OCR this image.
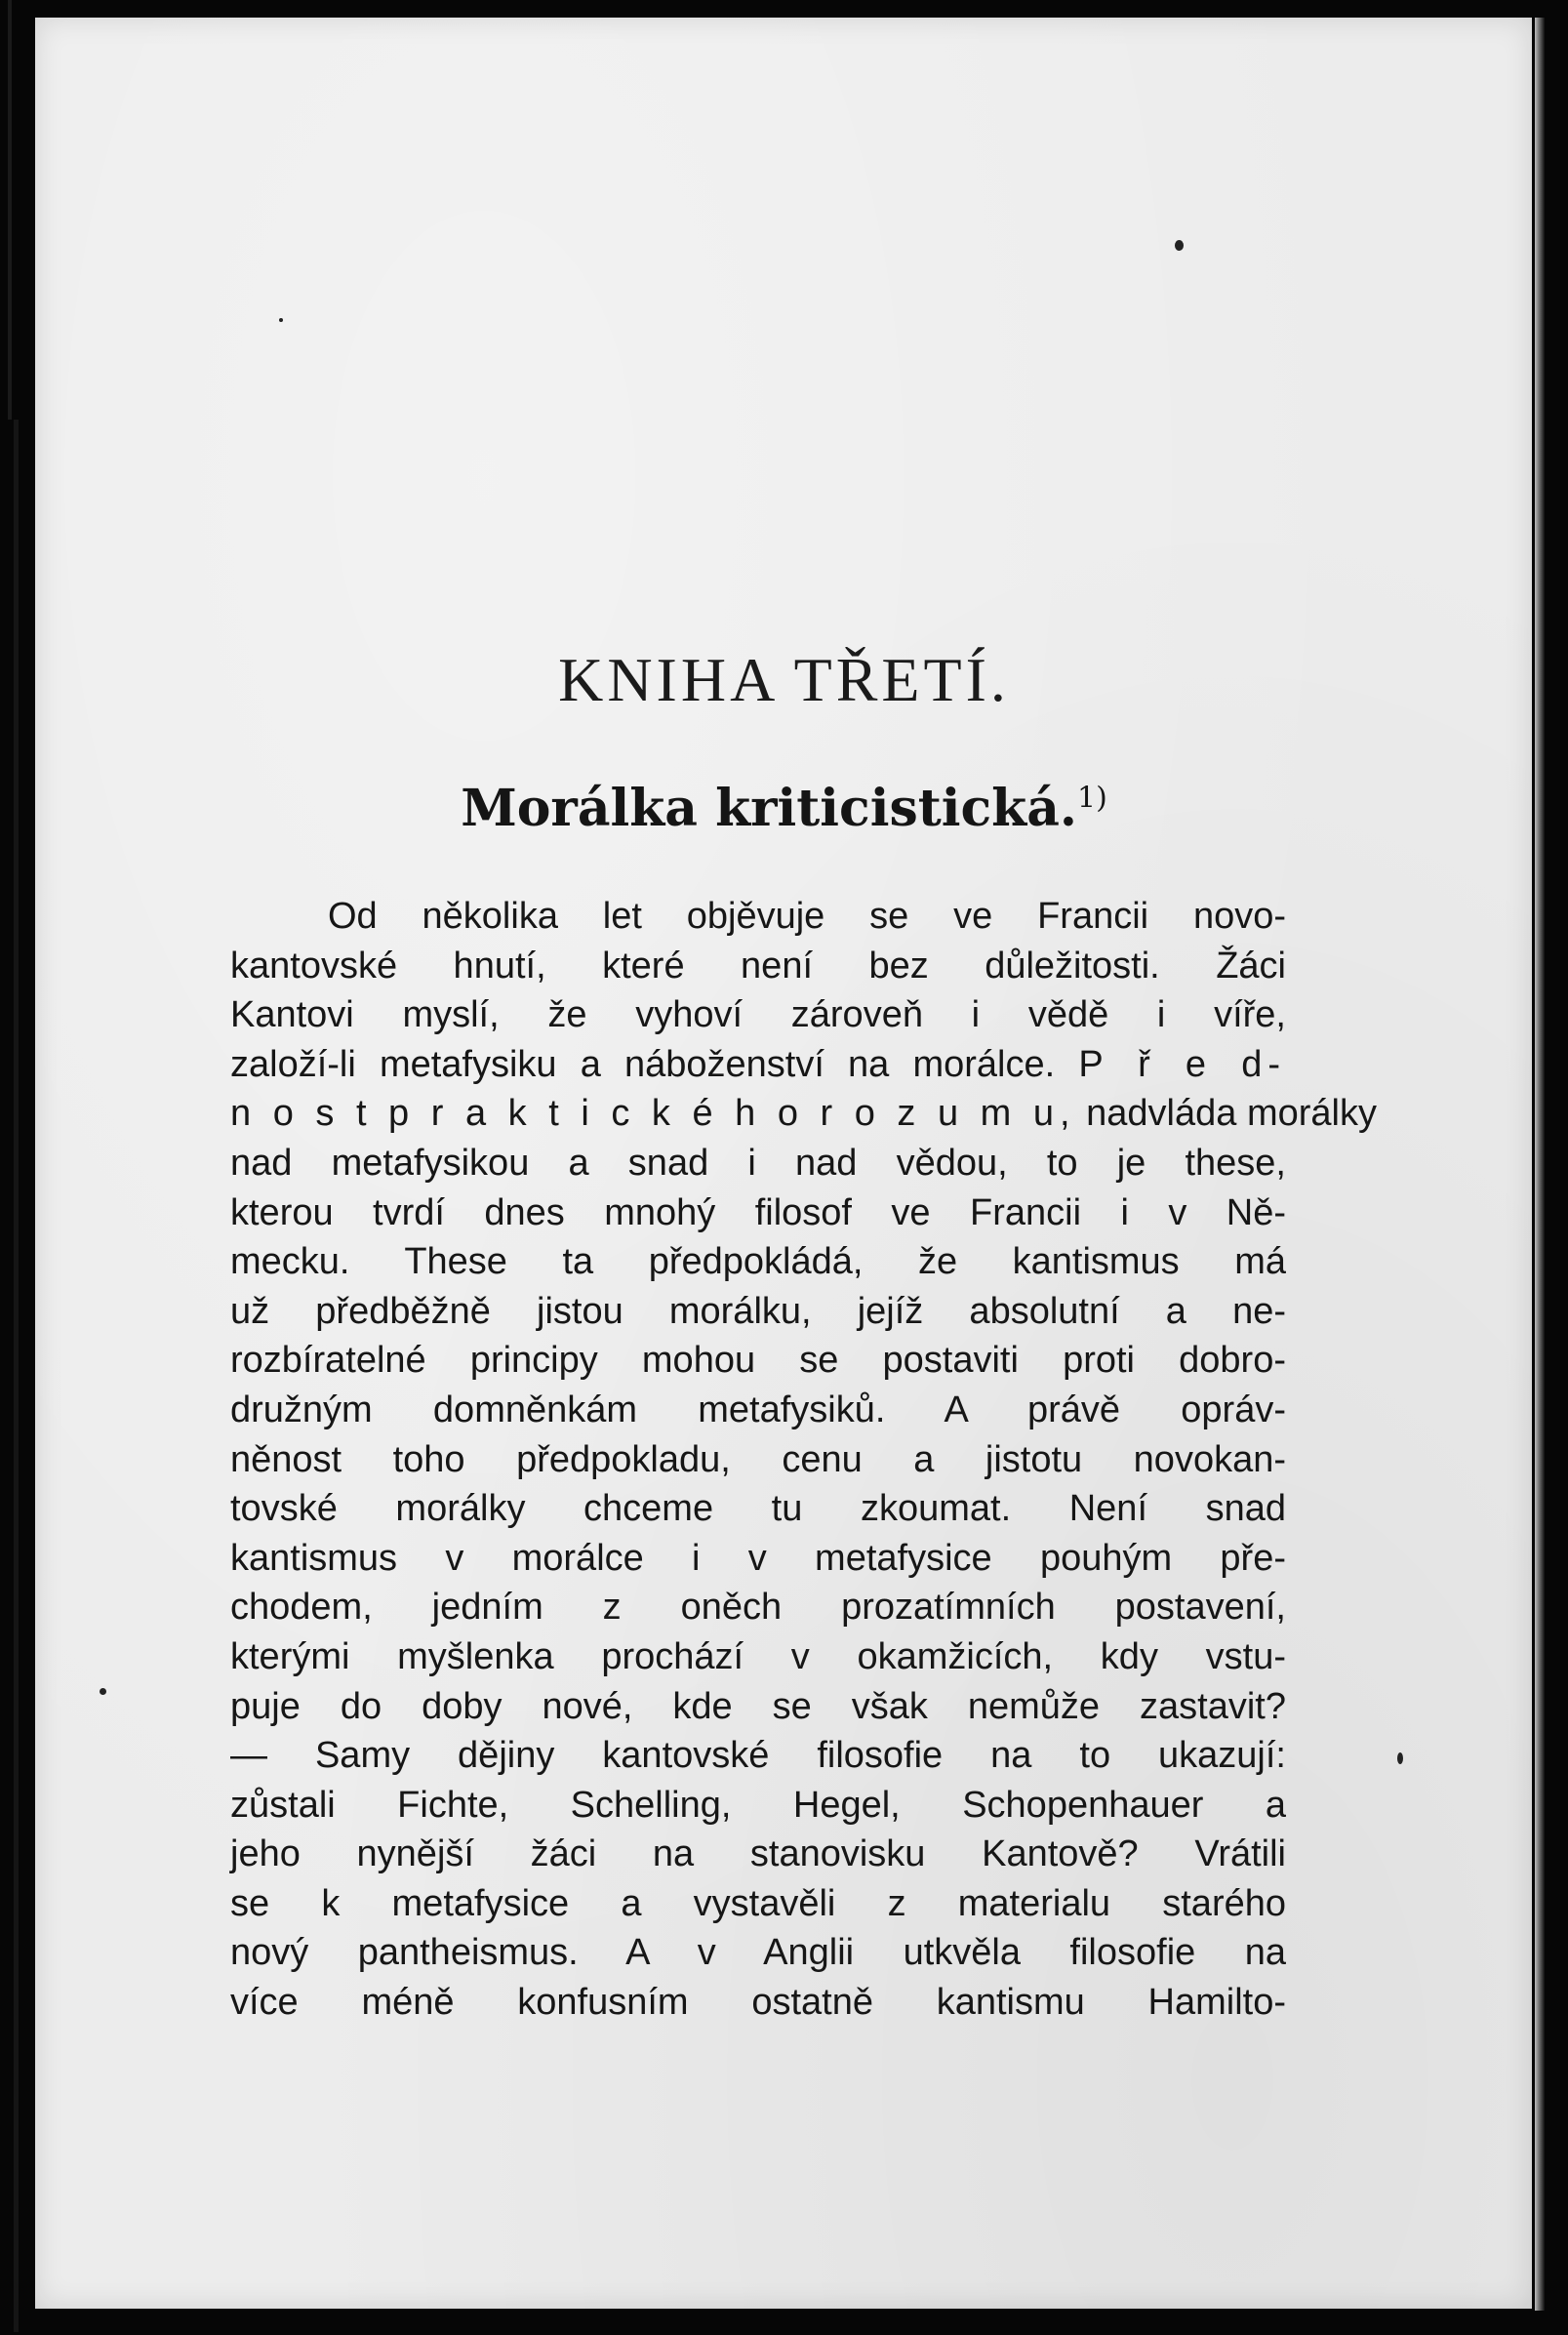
KNIHA TŘETÍ.
Morálka kriticistická.$^{1)}$
Od několika let objěvuje se ve Francii novo-
kantovské hnutí, které není bez důležitosti. Žáci
Kantovi myslí, že vyhoví zároveň i vědě i víře,
založí-li metafysiku a náboženství na morálce. P ř e d-
n o s t p r a k t i c k é h o r o z u m u, nadvláda morálky
nad metafysikou a snad i nad vědou, to je these,
kterou tvrdí dnes mnohý filosof ve Francii i v Ně-
mecku. These ta předpokládá, že kantismus má
už předběžně jistou morálku, jejíž absolutní a ne-
rozbíratelné principy mohou se postaviti proti dobro-
družným domněnkám metafysiků. A právě opráv-
něnost toho předpokladu, cenu a jistotu novokan-
tovské morálky chceme tu zkoumat. Není snad
kantismus v morálce i v metafysice pouhým pře-
chodem, jedním z oněch prozatímních postavení,
kterými myšlenka prochází v okamžicích, kdy vstu-
puje do doby nové, kde se však nemůže zastavit?
— Samy dějiny kantovské filosofie na to ukazují:
zůstali Fichte, Schelling, Hegel, Schopenhauer a
jeho nynější žáci na stanovisku Kantově? Vrátili
se k metafysice a vystavěli z materialu starého
nový pantheismus. A v Anglii utkvěla filosofie na
více méně konfusním ostatně kantismu Hamilto-
